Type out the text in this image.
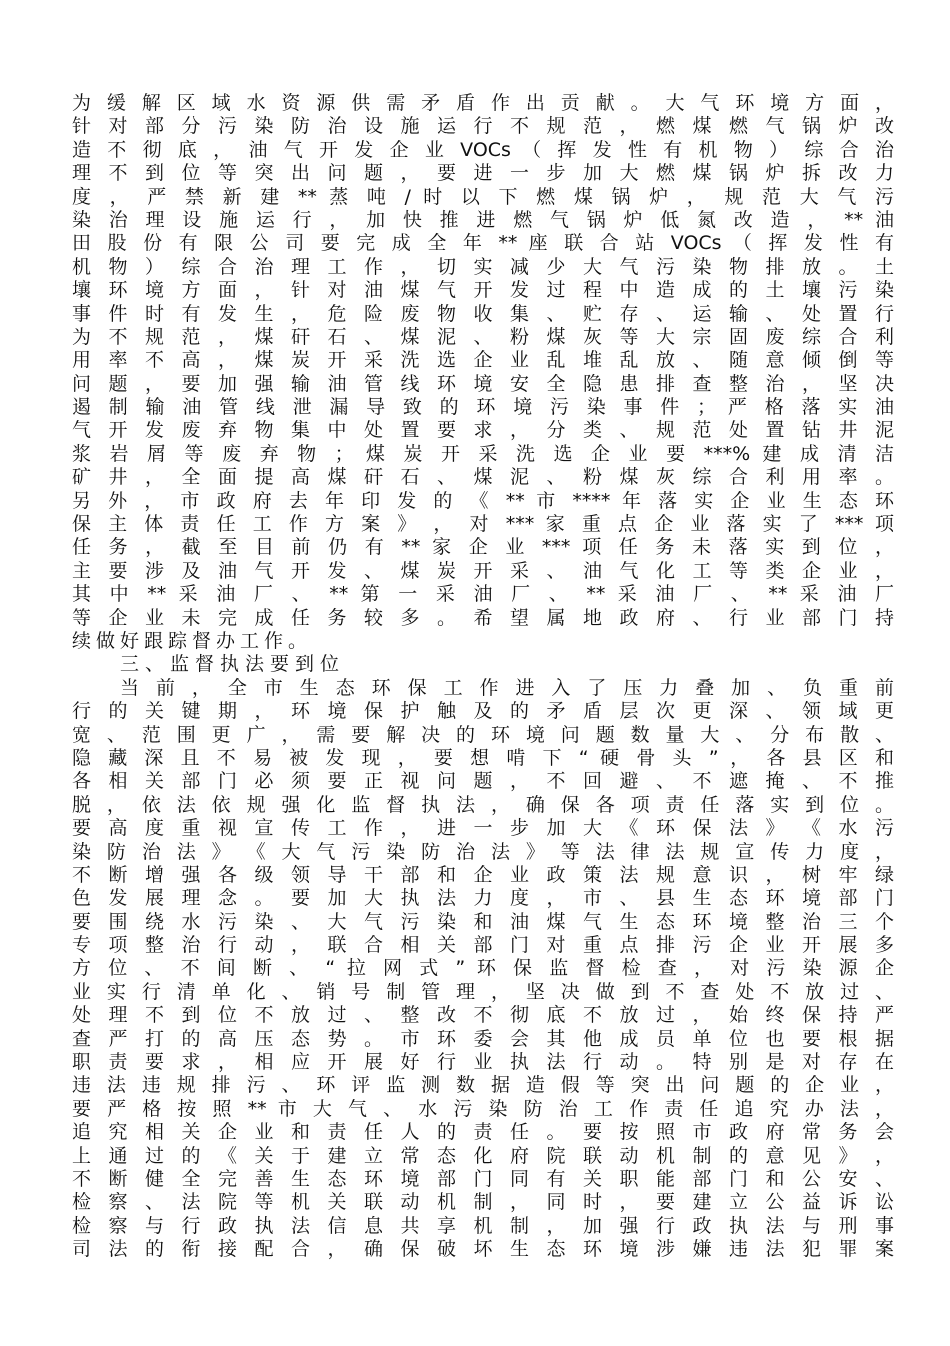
为 缓 解 区 域 水 资 源 供 需 矛 盾 作 出 贡 献 。 大 气 环 境 方 面 ，
针 对 部 分 污 染 防 治 设 施 运 行 不 规 范 ， 燃 煤 燃 气 锅 炉 改
造 不 彻 底 ， 油 气 开 发 企 业 VOCs （ 挥 发 性 有 机 物 ） 综 合 治
理 不 到 位 等 突 出 问 题 ， 要 进 一 步 加 大 燃 煤 锅 炉 拆 改 力
度 ， 严 禁 新 建 ** 蒸 吨 / 时 以 下 燃 煤 锅 炉 ， 规 范 大 气 污
染 治 理 设 施 运 行 ， 加 快 推 进 燃 气 锅 炉 低 氮 改 造 ， ** 油
田 股 份 有 限 公 司 要 完 成 全 年 ** 座 联 合 站 VOCs （ 挥 发 性 有
机 物 ） 综 合 治 理 工 作 ， 切 实 减 少 大 气 污 染 物 排 放 。 土
壤 环 境 方 面 ， 针 对 油 煤 气 开 发 过 程 中 造 成 的 土 壤 污 染
事 件 时 有 发 生 ， 危 险 废 物 收 集 、 贮 存 、 运 输 、 处 置 行
为 不 规 范 ， 煤 矸 石 、 煤 泥 、 粉 煤 灰 等 大 宗 固 废 综 合 利
用 率 不 高 ， 煤 炭 开 采 洗 选 企 业 乱 堆 乱 放 、 随 意 倾 倒 等
问 题 ， 要 加 强 输 油 管 线 环 境 安 全 隐 患 排 查 整 治 ， 坚 决
遏 制 输 油 管 线 泄 漏 导 致 的 环 境 污 染 事 件 ； 严 格 落 实 油
气 开 发 废 弃 物 集 中 处 置 要 求 ， 分 类 、 规 范 处 置 钻 井 泥
浆 岩 屑 等 废 弃 物 ； 煤 炭 开 采 洗 选 企 业 要 ***% 建 成 清 洁
矿 井 ， 全 面 提 高 煤 矸 石 、 煤 泥 、 粉 煤 灰 综 合 利 用 率 。
另 外 ， 市 政 府 去 年 印 发 的 《 ** 市 **** 年 落 实 企 业 生 态 环
保 主 体 责 任 工 作 方 案 》 ， 对 *** 家 重 点 企 业 落 实 了 *** 项
任 务 ， 截 至 目 前 仍 有 ** 家 企 业 *** 项 任 务 未 落 实 到 位 ，
主 要 涉 及 油 气 开 发 、 煤 炭 开 采 、 油 气 化 工 等 类 企 业 ，
其 中 ** 采 油 厂 、 ** 第 一 采 油 厂 、 ** 采 油 厂 、 ** 采 油 厂
等 企 业 未 完 成 任 务 较 多 。 希 望 属 地 政 府 、 行 业 部 门 持
续做好跟踪督办工作。
三、监督执法要到位
当 前 ， 全 市 生 态 环 保 工 作 进 入 了 压 力 叠 加 、 负 重 前
行 的 关 键 期 ， 环 境 保 护 触 及 的 矛 盾 层 次 更 深 、 领 域 更
宽 、 范 围 更 广 ， 需 要 解 决 的 环 境 问 题 数 量 大 、 分 布 散 、
隐 藏 深 且 不 易 被 发 现 ， 要 想 啃 下 “ 硬 骨 头 ” ， 各 县 区 和
各 相 关 部 门 必 须 要 正 视 问 题 ， 不 回 避 、 不 遮 掩 、 不 推
脱 ， 依 法 依 规 强 化 监 督 执 法 ， 确 保 各 项 责 任 落 实 到 位 。
要 高 度 重 视 宣 传 工 作 ， 进 一 步 加 大 《 环 保 法 》 《 水 污
染 防 治 法 》 《 大 气 污 染 防 治 法 》 等 法 律 法 规 宣 传 力 度 ，
不 断 增 强 各 级 领 导 干 部 和 企 业 政 策 法 规 意 识 ， 树 牢 绿
色 发 展 理 念 。 要 加 大 执 法 力 度 ， 市 、 县 生 态 环 境 部 门
要 围 绕 水 污 染 、 大 气 污 染 和 油 煤 气 生 态 环 境 整 治 三 个
专 项 整 治 行 动 ， 联 合 相 关 部 门 对 重 点 排 污 企 业 开 展 多
方 位 、 不 间 断 、 “ 拉 网 式 ” 环 保 监 督 检 查 ， 对 污 染 源 企
业 实 行 清 单 化 、 销 号 制 管 理 ， 坚 决 做 到 不 查 处 不 放 过 、
处 理 不 到 位 不 放 过 、 整 改 不 彻 底 不 放 过 ， 始 终 保 持 严
查 严 打 的 高 压 态 势 。 市 环 委 会 其 他 成 员 单 位 也 要 根 据
职 责 要 求 ， 相 应 开 展 好 行 业 执 法 行 动 。 特 别 是 对 存 在
违 法 违 规 排 污 、 环 评 监 测 数 据 造 假 等 突 出 问 题 的 企 业 ，
要 严 格 按 照 ** 市 大 气 、 水 污 染 防 治 工 作 责 任 追 究 办 法 ，
追 究 相 关 企 业 和 责 任 人 的 责 任 。 要 按 照 市 政 府 常 务 会
上 通 过 的 《 关 于 建 立 常 态 化 府 院 联 动 机 制 的 意 见 》 ，
不 断 健 全 完 善 生 态 环 境 部 门 同 有 关 职 能 部 门 和 公 安 、
检 察 、 法 院 等 机 关 联 动 机 制 ， 同 时 ， 要 建 立 公 益 诉 讼
检 察 与 行 政 执 法 信 息 共 享 机 制 ， 加 强 行 政 执 法 与 刑 事
司 法 的 衔 接 配 合 ， 确 保 破 坏 生 态 环 境 涉 嫌 违 法 犯 罪 案
